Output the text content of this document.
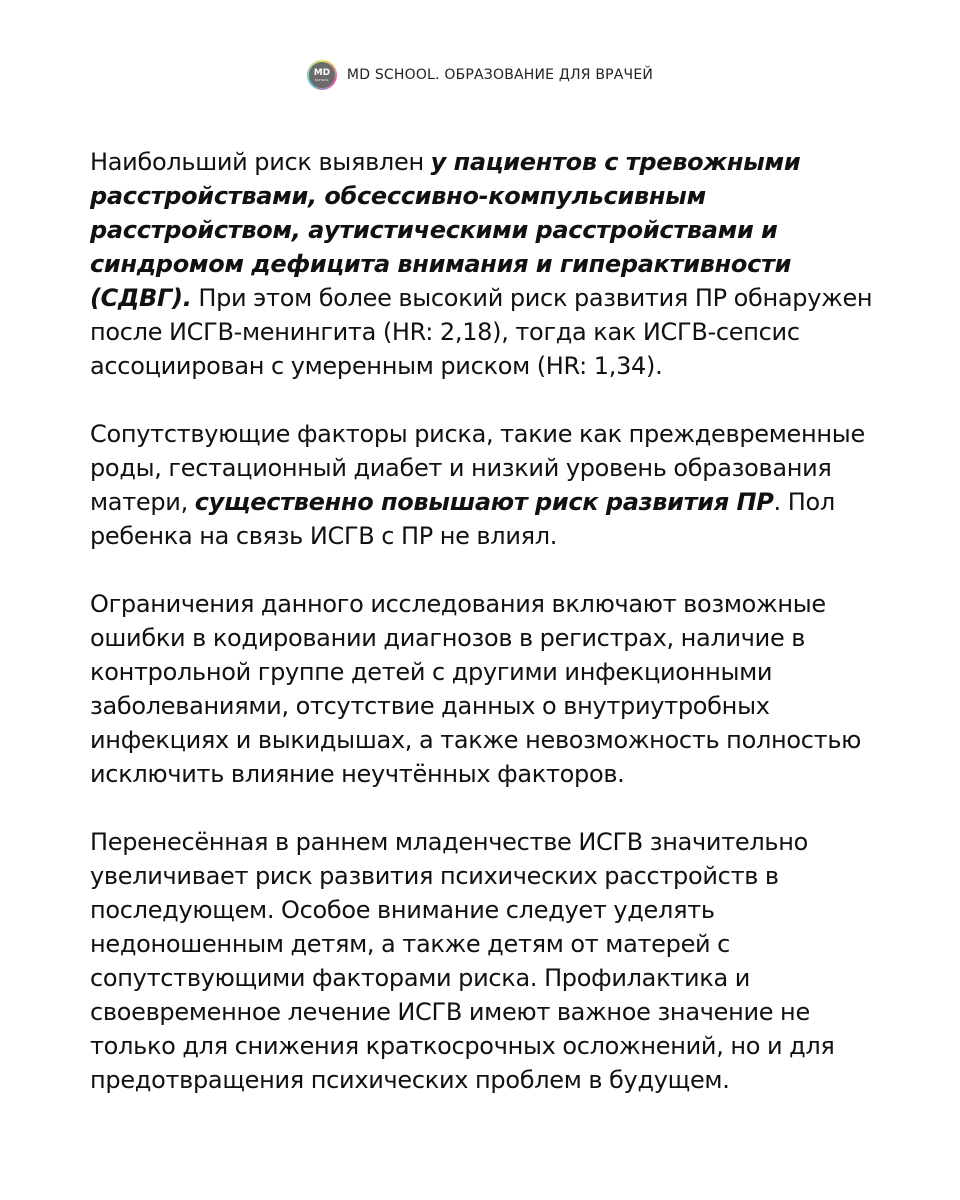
MD
SCHOOL MD SCHOOL. ОБРАЗОВАНИЕ ДЛЯ ВРАЧЕЙ

Наибольший риск выявлен у пациентов с тревожными расстройствами, обсессивно-компульсивным расстройством, аутистическими расстройствами и синдромом дефицита внимания и гиперактивности (СДВГ). При этом более высокий риск развития ПР обнаружен после ИСГВ-менингита (HR: 2,18), тогда как ИСГВ-сепсис ассоциирован с умеренным риском (HR: 1,34).

Сопутствующие факторы риска, такие как преждевременные роды, гестационный диабет и низкий уровень образования матери, существенно повышают риск развития ПР. Пол ребенка на связь ИСГВ с ПР не влиял.

Ограничения данного исследования включают возможные ошибки в кодировании диагнозов в регистрах, наличие в контрольной группе детей с другими инфекционными заболеваниями, отсутствие данных о внутриутробных инфекциях и выкидышах, а также невозможность полностью исключить влияние неучтённых факторов.

Перенесённая в раннем младенчестве ИСГВ значительно увеличивает риск развития психических расстройств в последующем. Особое внимание следует уделять недоношенным детям, а также детям от матерей с сопутствующими факторами риска. Профилактика и своевременное лечение ИСГВ имеют важное значение не только для снижения краткосрочных осложнений, но и для предотвращения психических проблем в будущем.
